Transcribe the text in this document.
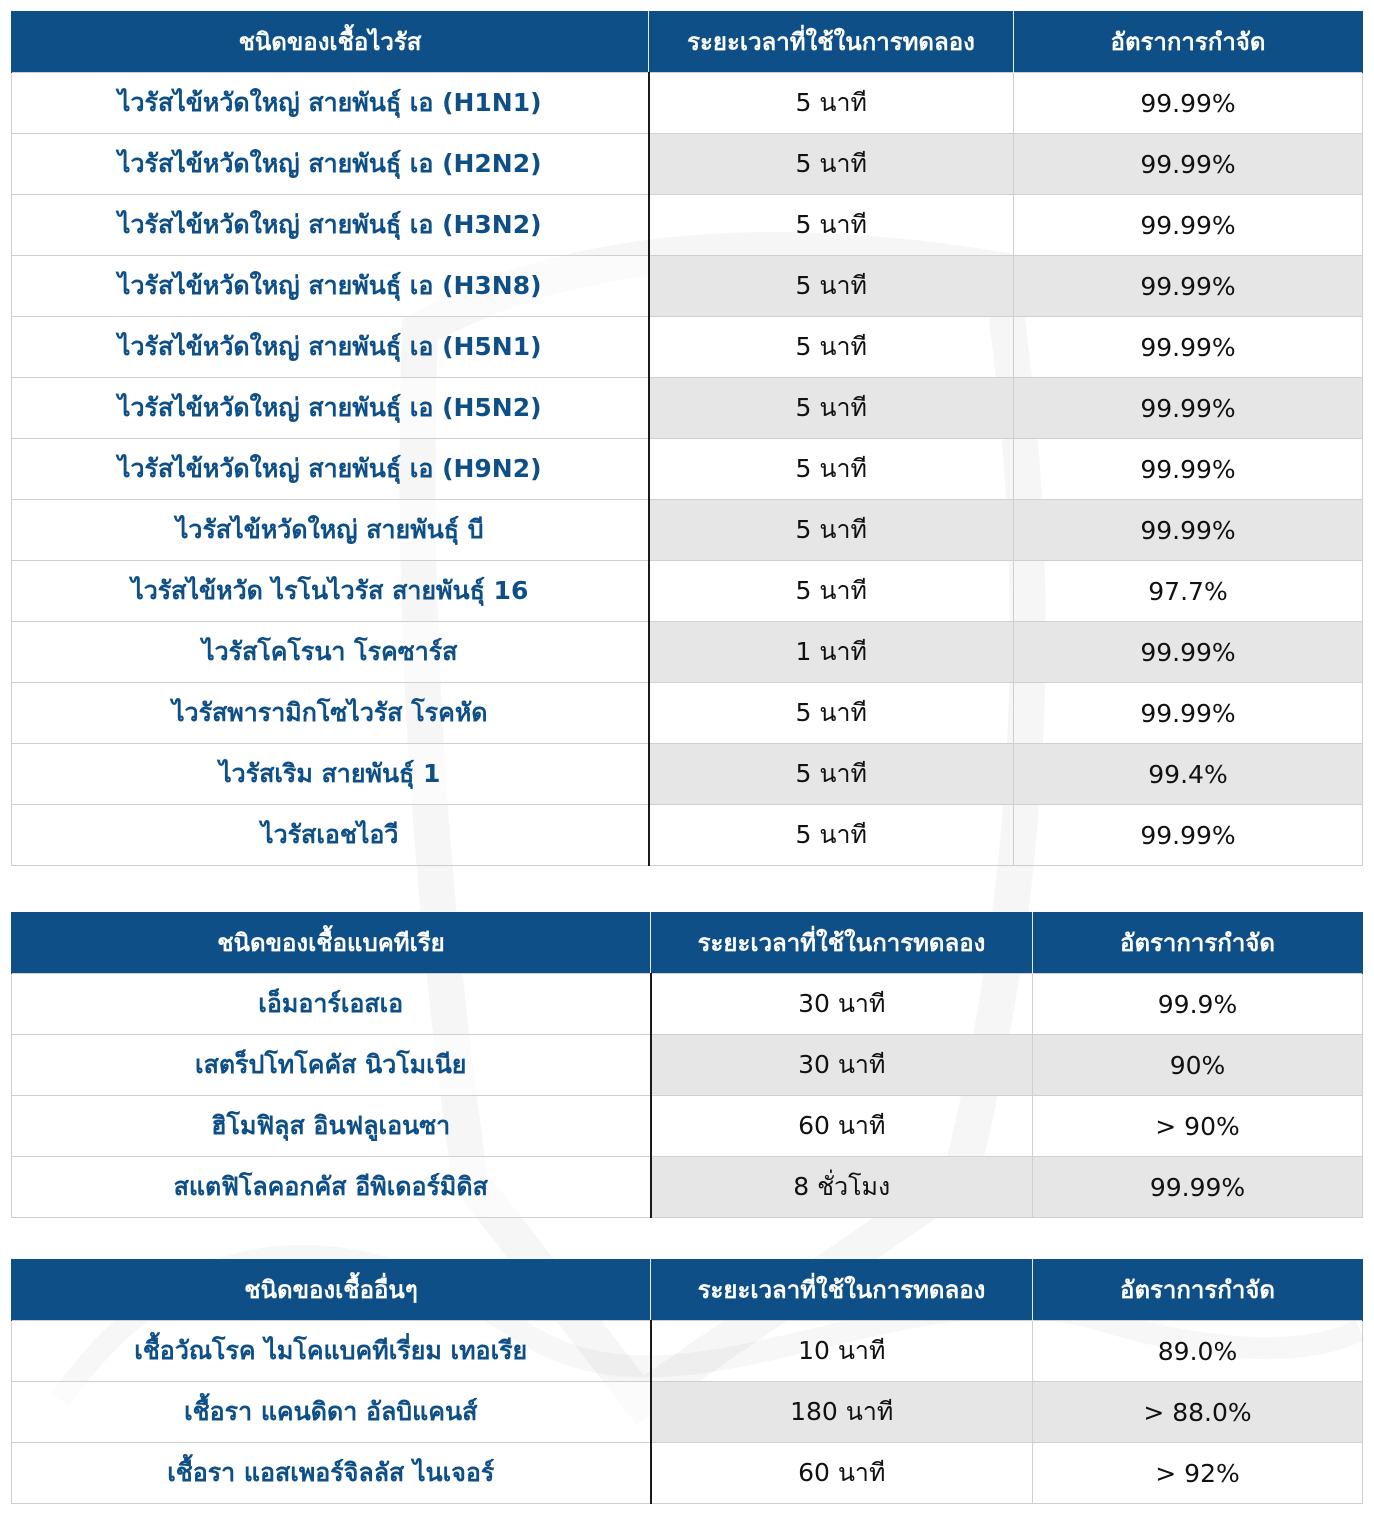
ชนิดของเชื้อไวรัส	ระยะเวลาที่ใช้ในการทดลอง	อัตราการกำจัด
ไวรัสไข้หวัดใหญ่ สายพันธุ์ เอ (H1N1)	5 นาที	99.99%
ไวรัสไข้หวัดใหญ่ สายพันธุ์ เอ (H2N2)	5 นาที	99.99%
ไวรัสไข้หวัดใหญ่ สายพันธุ์ เอ (H3N2)	5 นาที	99.99%
ไวรัสไข้หวัดใหญ่ สายพันธุ์ เอ (H3N8)	5 นาที	99.99%
ไวรัสไข้หวัดใหญ่ สายพันธุ์ เอ (H5N1)	5 นาที	99.99%
ไวรัสไข้หวัดใหญ่ สายพันธุ์ เอ (H5N2)	5 นาที	99.99%
ไวรัสไข้หวัดใหญ่ สายพันธุ์ เอ (H9N2)	5 นาที	99.99%
ไวรัสไข้หวัดใหญ่ สายพันธุ์ บี	5 นาที	99.99%
ไวรัสไข้หวัด ไรโนไวรัส สายพันธุ์ 16	5 นาที	97.7%
ไวรัสโคโรนา โรคซาร์ส	1 นาที	99.99%
ไวรัสพารามิกโซไวรัส โรคหัด	5 นาที	99.99%
ไวรัสเริม สายพันธุ์ 1	5 นาที	99.4%
ไวรัสเอชไอวี	5 นาที	99.99%
ชนิดของเชื้อแบคทีเรีย	ระยะเวลาที่ใช้ในการทดลอง	อัตราการกำจัด
เอ็มอาร์เอสเอ	30 นาที	99.9%
เสตร็ปโทโคคัส นิวโมเนีย	30 นาที	90%
ฮิโมฟิลุส อินฟลูเอนซา	60 นาที	> 90%
สแตฟิโลคอกคัส อีพิเดอร์มิดิส	8 ชั่วโมง	99.99%
ชนิดของเชื้ออื่นๆ	ระยะเวลาที่ใช้ในการทดลอง	อัตราการกำจัด
เชื้อวัณโรค ไมโคแบคทีเรี่ยม เทอเรีย	10 นาที	89.0%
เชื้อรา แคนดิดา อัลบิแคนส์	180 นาที	> 88.0%
เชื้อรา แอสเพอร์จิลลัส ไนเจอร์	60 นาที	> 92%
